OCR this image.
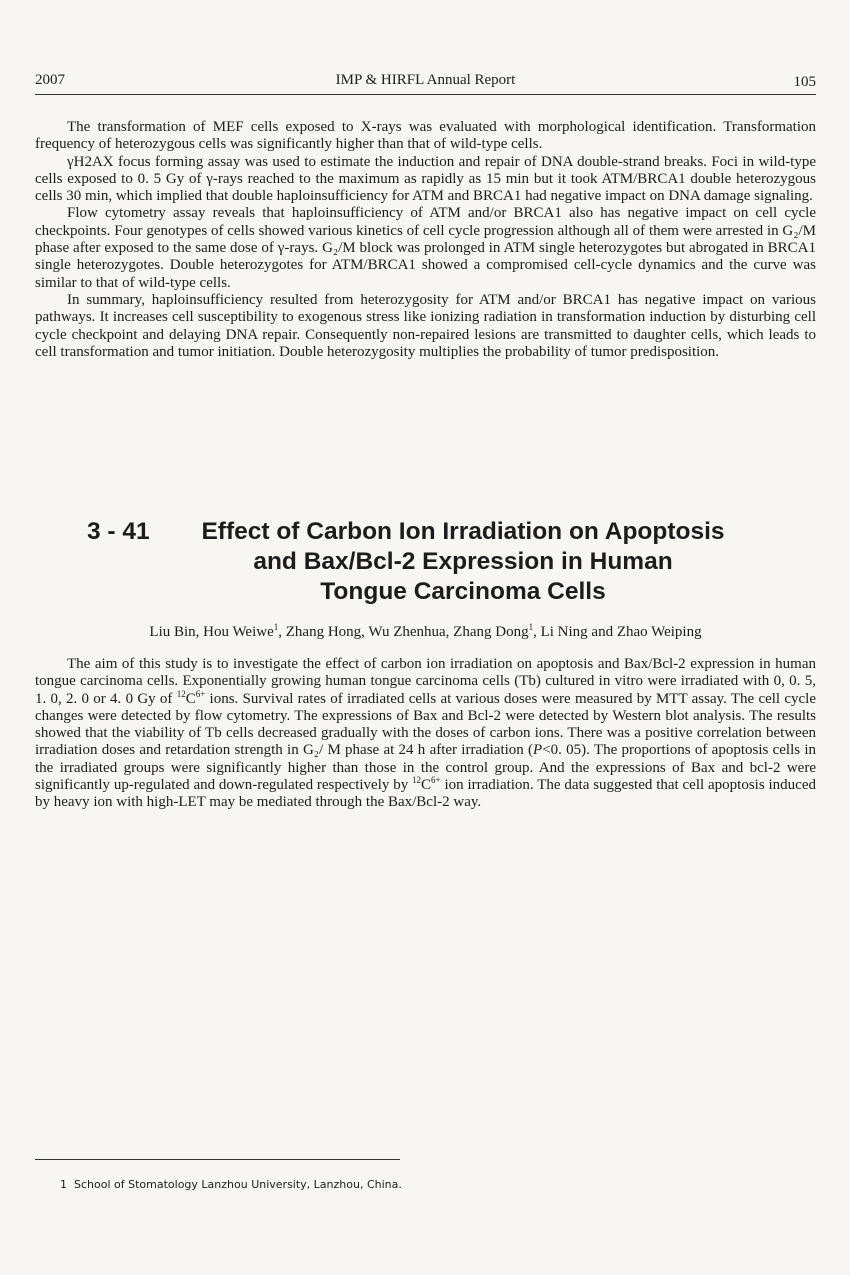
2007	IMP & HIRFL Annual Report	105

The transformation of MEF cells exposed to X-rays was evaluated with morphological identification. Transformation frequency of heterozygous cells was significantly higher than that of wild-type cells.

γH2AX focus forming assay was used to estimate the induction and repair of DNA double-strand breaks. Foci in wild-type cells exposed to 0. 5 Gy of γ-rays reached to the maximum as rapidly as 15 min but it took ATM/BRCA1 double heterozygous cells 30 min, which implied that double haploinsufficiency for ATM and BRCA1 had negative impact on DNA damage signaling.

Flow cytometry assay reveals that haploinsufficiency of ATM and/or BRCA1 also has negative impact on cell cycle checkpoints. Four genotypes of cells showed various kinetics of cell cycle progression although all of them were arrested in G₂/M phase after exposed to the same dose of γ-rays. G₂/M block was prolonged in ATM single heterozygotes but abrogated in BRCA1 single heterozygotes. Double heterozygotes for ATM/BRCA1 showed a compromised cell-cycle dynamics and the curve was similar to that of wild-type cells.

In summary, haploinsufficiency resulted from heterozygosity for ATM and/or BRCA1 has negative impact on various pathways. It increases cell susceptibility to exogenous stress like ionizing radiation in transformation induction by disturbing cell cycle checkpoint and delaying DNA repair. Consequently non-repaired lesions are transmitted to daughter cells, which leads to cell transformation and tumor initiation. Double heterozygosity multiplies the probability of tumor predisposition.

3 - 41	Effect of Carbon Ion Irradiation on Apoptosis
and Bax/Bcl-2 Expression in Human
Tongue Carcinoma Cells
Liu Bin, Hou Weiwe$^1$, Zhang Hong, Wu Zhenhua, Zhang Dong$^1$, Li Ning and Zhao Weiping

The aim of this study is to investigate the effect of carbon ion irradiation on apoptosis and Bax/Bcl-2 expression in human tongue carcinoma cells. Exponentially growing human tongue carcinoma cells (Tb) cultured in vitro were irradiated with 0, 0. 5, 1. 0, 2. 0 or 4. 0 Gy of $^{12}C^{6+}$ ions. Survival rates of irradiated cells at various doses were measured by MTT assay. The cell cycle changes were detected by flow cytometry. The expressions of Bax and Bcl-2 were detected by Western blot analysis. The results showed that the viability of Tb cells decreased gradually with the doses of carbon ions. There was a positive correlation between irradiation doses and retardation strength in G₂/ M phase at 24 h after irradiation (P<0. 05). The proportions of apoptosis cells in the irradiated groups were significantly higher than those in the control group. And the expressions of Bax and bcl-2 were significantly up-regulated and down-regulated respectively by $^{12}C^{6+}$ ion irradiation. The data suggested that cell apoptosis induced by heavy ion with high-LET may be mediated through the Bax/Bcl-2 way.

1 School of Stomatology Lanzhou University, Lanzhou, China.
